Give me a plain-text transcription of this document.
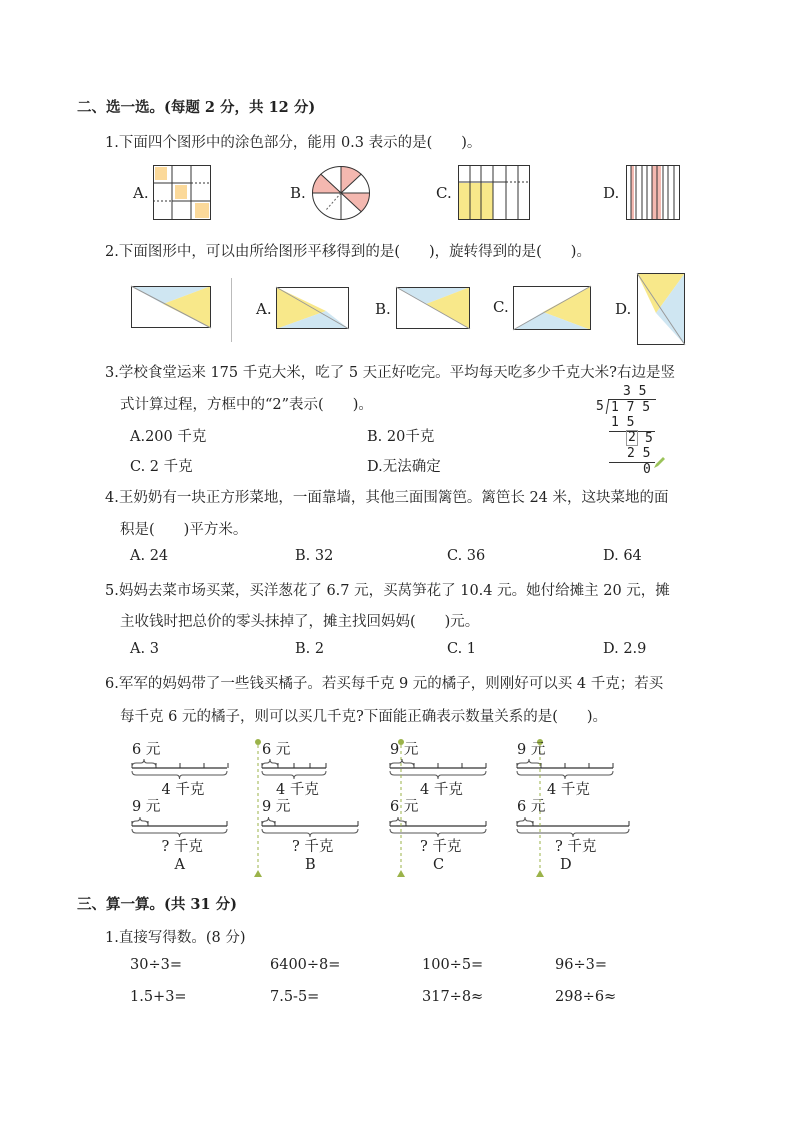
二、选一选。(每题 2 分，共 12 分)
1.下面四个图形中的涂色部分，能用 0.3 表示的是(　　)。
A.	B.	C.	D.
2.下面图形中，可以由所给图形平移得到的是(　　)，旋转得到的是(　　)。
A.	B.	C.	D.
3.学校食堂运来 175 千克大米，吃了 5 天正好吃完。平均每天吃多少千克大米?右边是竖
式计算过程，方框中的“2”表示(　　)。
A.200 千克	B. 20千克
C. 2 千克	D.无法确定
3 5
5 1 7 5
1 5
2 5
2 5
0
4.王奶奶有一块正方形菜地，一面靠墙，其他三面围篱笆。篱笆长 24 米，这块菜地的面
积是(　　)平方米。
A. 24	B. 32	C. 36	D. 64
5.妈妈去菜市场买菜，买洋葱花了 6.7 元，买莴笋花了 10.4 元。她付给摊主 20 元，摊
主收钱时把总价的零头抹掉了，摊主找回妈妈(　　)元。
A. 3	B. 2	C. 1	D. 2.9
6.军军的妈妈带了一些钱买橘子。若买每千克 9 元的橘子，则刚好可以买 4 千克；若买
每千克 6 元的橘子，则可以买几千克?下面能正确表示数量关系的是(　　)。
三、算一算。(共 31 分)
1.直接写得数。(8 分)
30÷3=	6400÷8=	100÷5=	96÷3=
1.5+3=	7.5-5=	317÷8≈	298÷6≈
6 元
4 千克
9 元
? 千克
A
6 元
4 千克
9 元
? 千克
B
9 元
4 千克
6 元
? 千克
C
9 元
4 千克
6 元
? 千克
D
